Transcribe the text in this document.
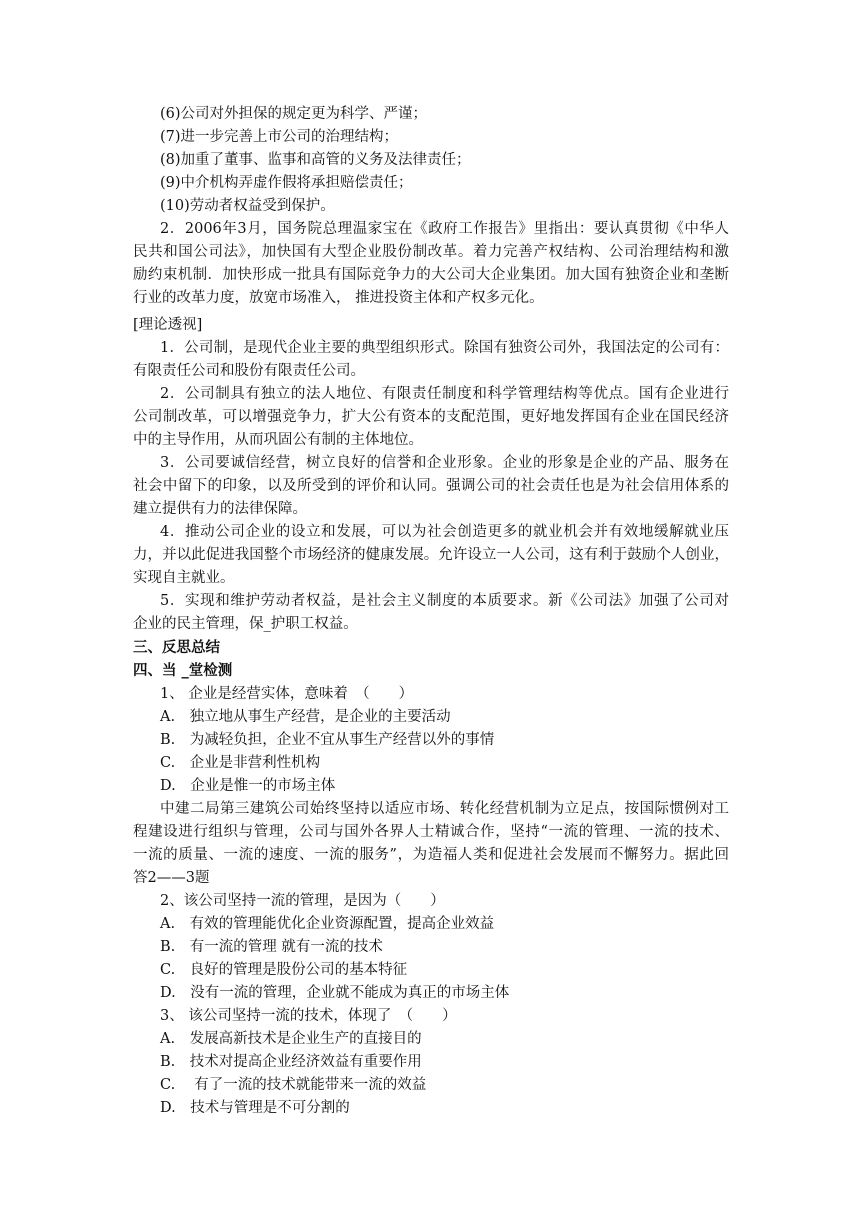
(6)公司对外担保的规定更为科学、严谨；
(7)进一步完善上市公司的治理结构；
(8)加重了董事、监事和高管的义务及法律责任；
(9)中介机构弄虚作假将承担赔偿责任；
(10)劳动者权益受到保护。
2．2006年3月，国务院总理温家宝在《政府工作报告》里指出：要认真贯彻《中华人
民共和国公司法》，加快国有大型企业股份制改革。着力完善产权结构、公司治理结构和激
励约束机制．加快形成一批具有国际竞争力的大公司大企业集团。加大国有独资企业和垄断
行业的改革力度，放宽市场准入， 推进投资主体和产权多元化。
[理论透视]
1．公司制，是现代企业主要的典型组织形式。除国有独资公司外，我国法定的公司有：
有限责任公司和股份有限责任公司。
2．公司制具有独立的法人地位、有限责任制度和科学管理结构等优点。国有企业进行
公司制改革，可以增强竞争力，扩大公有资本的支配范围，更好地发挥国有企业在国民经济
中的主导作用，从而巩固公有制的主体地位。
3．公司要诚信经营，树立良好的信誉和企业形象。企业的形象是企业的产品、服务在
社会中留下的印象，以及所受到的评价和认同。强调公司的社会责任也是为社会信用体系的
建立提供有力的法律保障。
4．推动公司企业的设立和发展，可以为社会创造更多的就业机会并有效地缓解就业压
力，并以此促进我国整个市场经济的健康发展。允许设立一人公司，这有利于鼓励个人创业，
实现自主就业。
5．实现和维护劳动者权益，是社会主义制度的本质要求。新《公司法》加强了公司对
企业的民主管理，保_护职工权益。
三、反思总结
四、当 _堂检测
1、 企业是经营实体，意味着　（　　）
A.　独立地从事生产经营，是企业的主要活动
B.　为减轻负担，企业不宜从事生产经营以外的事情
C.　企业是非营利性机构
D.　企业是惟一的市场主体
中建二局第三建筑公司始终坚持以适应市场、转化经营机制为立足点，按国际惯例对工
程建设进行组织与管理，公司与国外各界人士精诚合作，坚持“一流的管理、一流的技术、
一流的质量、一流的速度、一流的服务”，为造福人类和促进社会发展而不懈努力。据此回
答2——3题
2、该公司坚持一流的管理，是因为（　　）
A.　有效的管理能优化企业资源配置，提高企业效益
B.　有一流的管理 就有一流的技术
C.　良好的管理是股份公司的基本特征
D.　没有一流的管理，企业就不能成为真正的市场主体
3、 该公司坚持一流的技术，体现了　（　　）
A.　发展高新技术是企业生产的直接目的
B.　技术对提高企业经济效益有重要作用
C.　 有了一流的技术就能带来一流的效益
D.　技术与管理是不可分割的
